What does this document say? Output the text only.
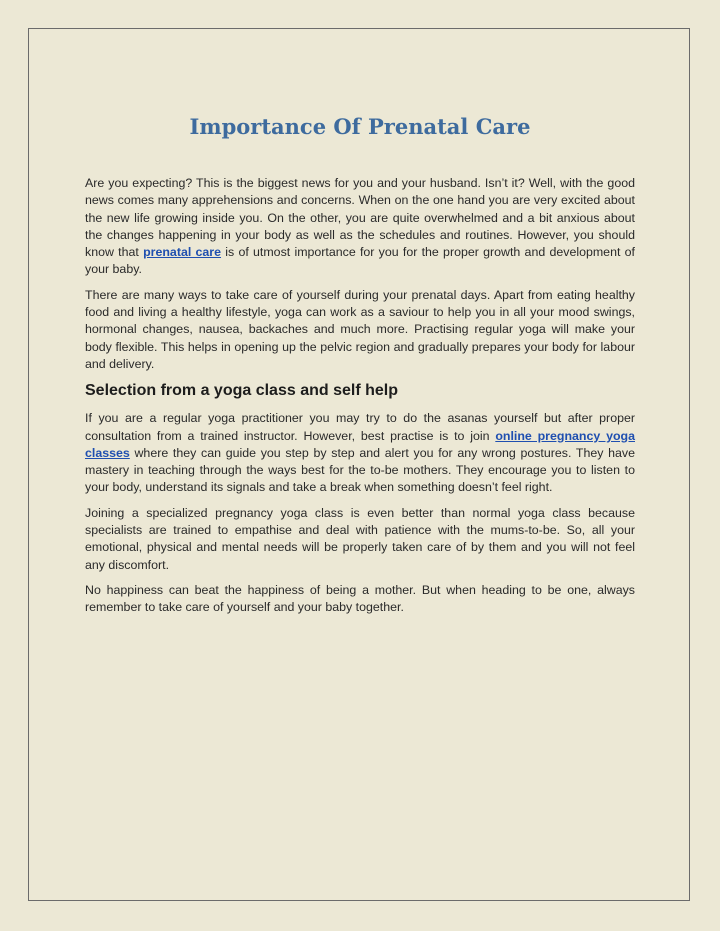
Importance Of Prenatal Care

Are you expecting? This is the biggest news for you and your husband. Isn’t it? Well, with the good news comes many apprehensions and concerns. When on the one hand you are very excited about the new life growing inside you. On the other, you are quite overwhelmed and a bit anxious about the changes happening in your body as well as the schedules and routines. However, you should know that prenatal care is of utmost importance for you for the proper growth and development of your baby.

There are many ways to take care of yourself during your prenatal days. Apart from eating healthy food and living a healthy lifestyle, yoga can work as a saviour to help you in all your mood swings, hormonal changes, nausea, backaches and much more. Practising regular yoga will make your body flexible. This helps in opening up the pelvic region and gradually prepares your body for labour and delivery.

Selection from a yoga class and self help

If you are a regular yoga practitioner you may try to do the asanas yourself but after proper consultation from a trained instructor. However, best practise is to join online pregnancy yoga classes where they can guide you step by step and alert you for any wrong postures. They have mastery in teaching through the ways best for the to-be mothers. They encourage you to listen to your body, understand its signals and take a break when something doesn’t feel right.

Joining a specialized pregnancy yoga class is even better than normal yoga class because specialists are trained to empathise and deal with patience with the mums-to-be. So, all your emotional, physical and mental needs will be properly taken care of by them and you will not feel any discomfort.

No happiness can beat the happiness of being a mother. But when heading to be one, always remember to take care of yourself and your baby together.
